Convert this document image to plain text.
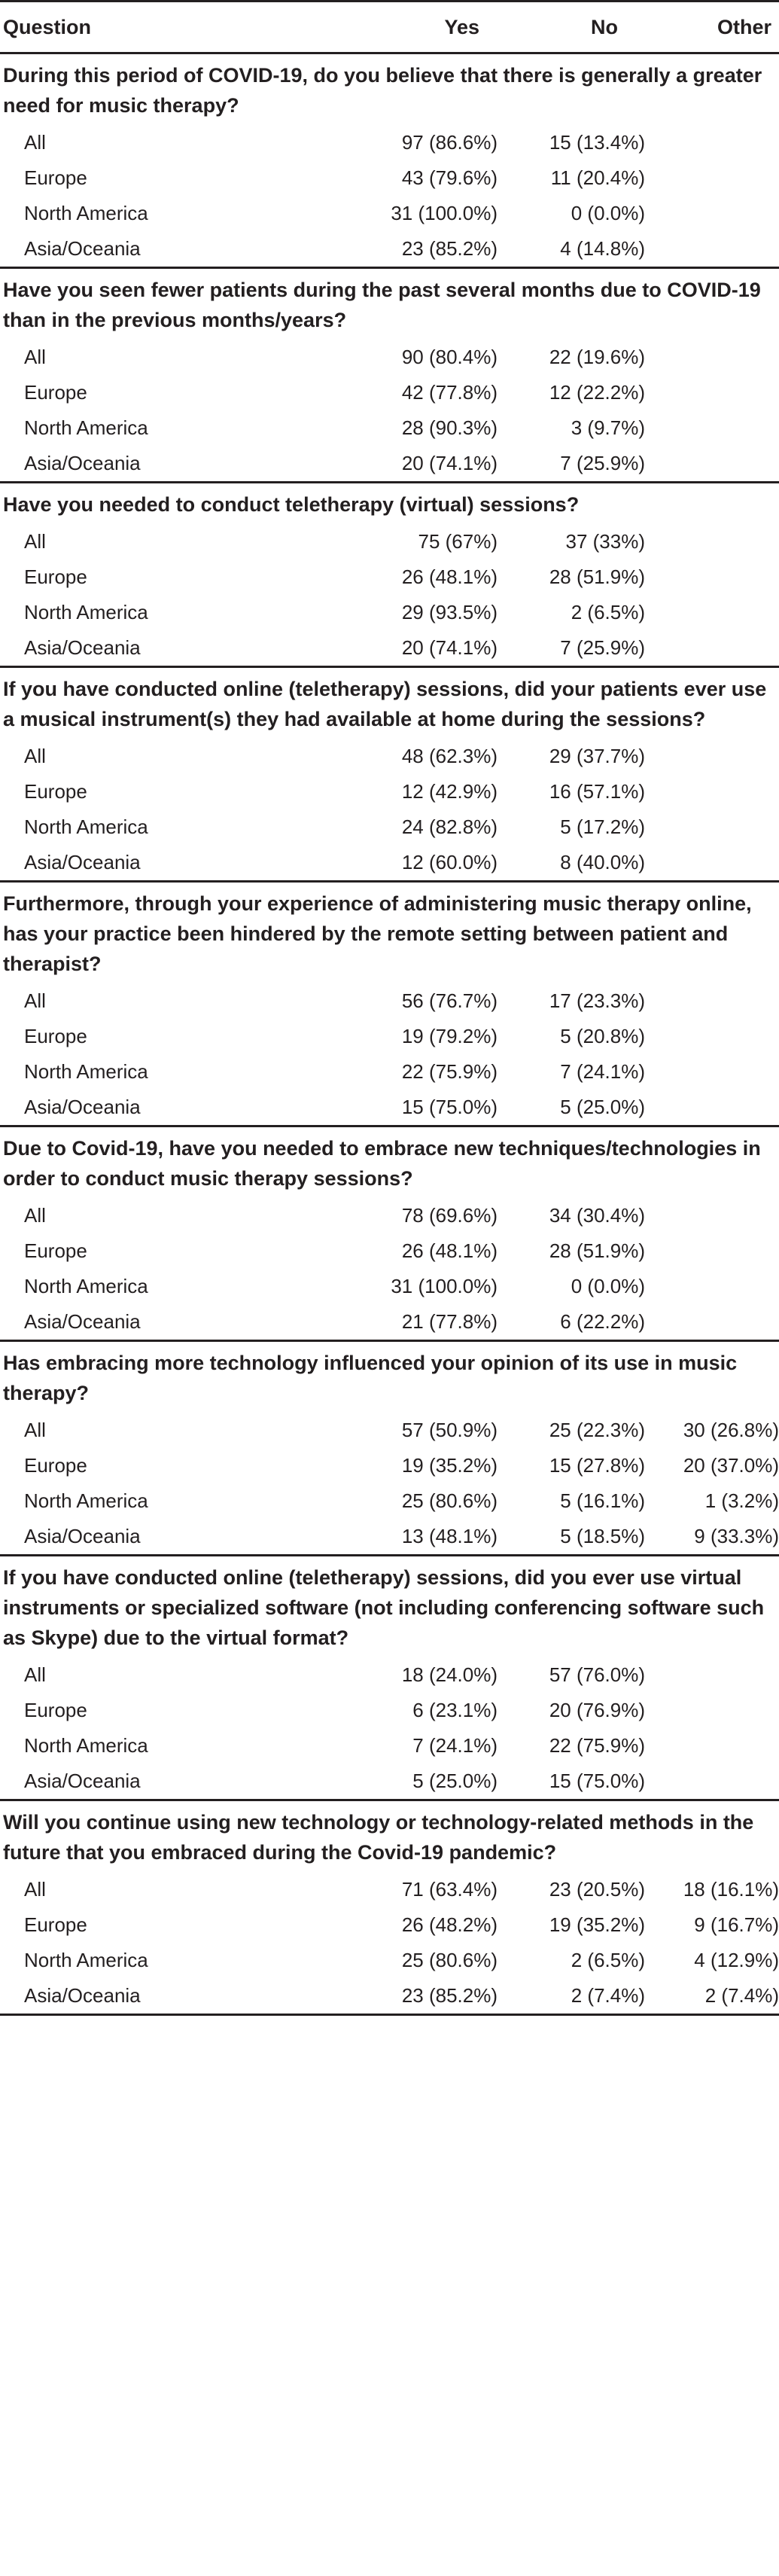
Question	Yes	No	Other
During this period of COVID-19, do you believe that there is generally a greater need for music therapy?			
All	97 (86.6%)	15 (13.4%)	
Europe	43 (79.6%)	11 (20.4%)	
North America	31 (100.0%)	0 (0.0%)	
Asia/Oceania	23 (85.2%)	4 (14.8%)	
Have you seen fewer patients during the past several months due to COVID-19 than in the previous months/years?			
All	90 (80.4%)	22 (19.6%)	
Europe	42 (77.8%)	12 (22.2%)	
North America	28 (90.3%)	3 (9.7%)	
Asia/Oceania	20 (74.1%)	7 (25.9%)	
Have you needed to conduct teletherapy (virtual) sessions?			
All	75 (67%)	37 (33%)	
Europe	26 (48.1%)	28 (51.9%)	
North America	29 (93.5%)	2 (6.5%)	
Asia/Oceania	20 (74.1%)	7 (25.9%)	
If you have conducted online (teletherapy) sessions, did your patients ever use a musical instrument(s) they had available at home during the sessions?			
All	48 (62.3%)	29 (37.7%)	
Europe	12 (42.9%)	16 (57.1%)	
North America	24 (82.8%)	5 (17.2%)	
Asia/Oceania	12 (60.0%)	8 (40.0%)	
Furthermore, through your experience of administering music therapy online, has your practice been hindered by the remote setting between patient and therapist?			
All	56 (76.7%)	17 (23.3%)	
Europe	19 (79.2%)	5 (20.8%)	
North America	22 (75.9%)	7 (24.1%)	
Asia/Oceania	15 (75.0%)	5 (25.0%)	
Due to Covid-19, have you needed to embrace new techniques/technologies in order to conduct music therapy sessions?			
All	78 (69.6%)	34 (30.4%)	
Europe	26 (48.1%)	28 (51.9%)	
North America	31 (100.0%)	0 (0.0%)	
Asia/Oceania	21 (77.8%)	6 (22.2%)	
Has embracing more technology influenced your opinion of its use in music therapy?			
All	57 (50.9%)	25 (22.3%)	30 (26.8%)
Europe	19 (35.2%)	15 (27.8%)	20 (37.0%)
North America	25 (80.6%)	5 (16.1%)	1 (3.2%)
Asia/Oceania	13 (48.1%)	5 (18.5%)	9 (33.3%)
If you have conducted online (teletherapy) sessions, did you ever use virtual instruments or specialized software (not including conferencing software such as Skype) due to the virtual format?			
All	18 (24.0%)	57 (76.0%)	
Europe	6 (23.1%)	20 (76.9%)	
North America	7 (24.1%)	22 (75.9%)	
Asia/Oceania	5 (25.0%)	15 (75.0%)	
Will you continue using new technology or technology-related methods in the future that you embraced during the Covid-19 pandemic?			
All	71 (63.4%)	23 (20.5%)	18 (16.1%)
Europe	26 (48.2%)	19 (35.2%)	9 (16.7%)
North America	25 (80.6%)	2 (6.5%)	4 (12.9%)
Asia/Oceania	23 (85.2%)	2 (7.4%)	2 (7.4%)
